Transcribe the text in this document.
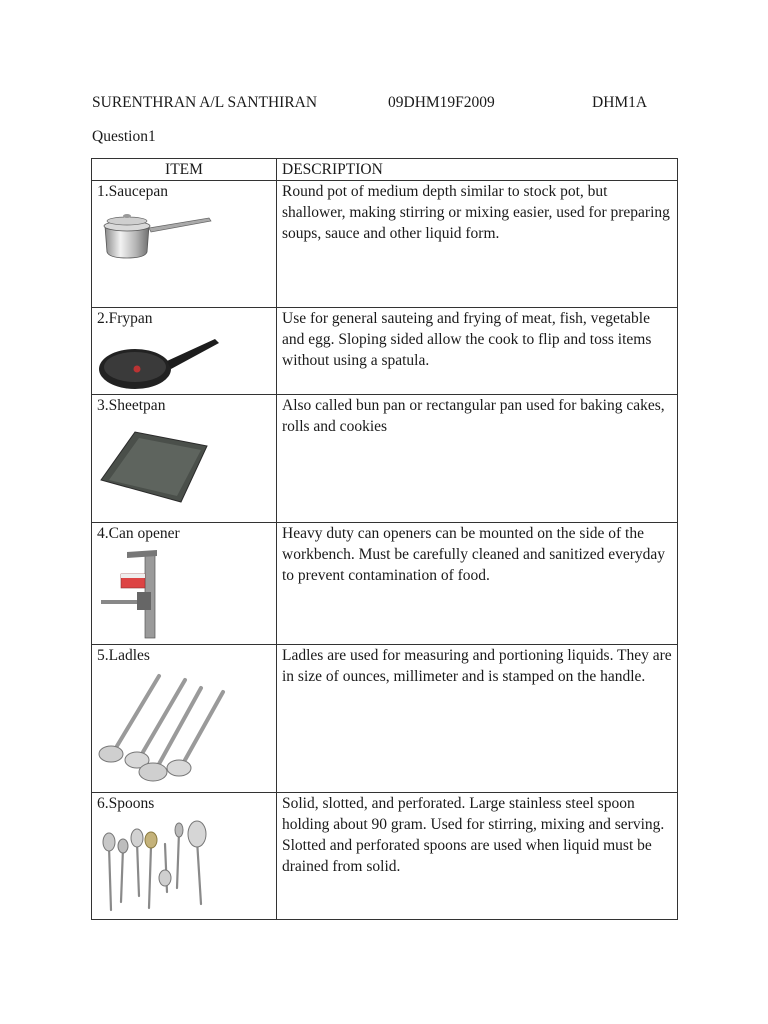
SURENTHRAN A/L SANTHIRAN	09DHM19F2009	DHM1A
Question1
ITEM	DESCRIPTION

1.Saucepan	Round pot of medium depth similar to stock pot, but shallower, making stirring or mixing easier, used for preparing soups, sauce and other liquid form.

2.Frypan	Use for general sauteing and frying of meat, fish, vegetable and egg. Sloping sided allow the cook to flip and toss items without using a spatula.

3.Sheetpan	Also called bun pan or rectangular pan used for baking cakes, rolls and cookies

4.Can opener	Heavy duty can openers can be mounted on the side of the workbench. Must be carefully cleaned and sanitized everyday to prevent contamination of food.

5.Ladles	Ladles are used for measuring and portioning liquids. They are in size of ounces, millimeter and is stamped on the handle.

6.Spoons	Solid, slotted, and perforated. Large stainless steel spoon holding about 90 gram. Used for stirring, mixing and serving. Slotted and perforated spoons are used when liquid must be drained from solid.
